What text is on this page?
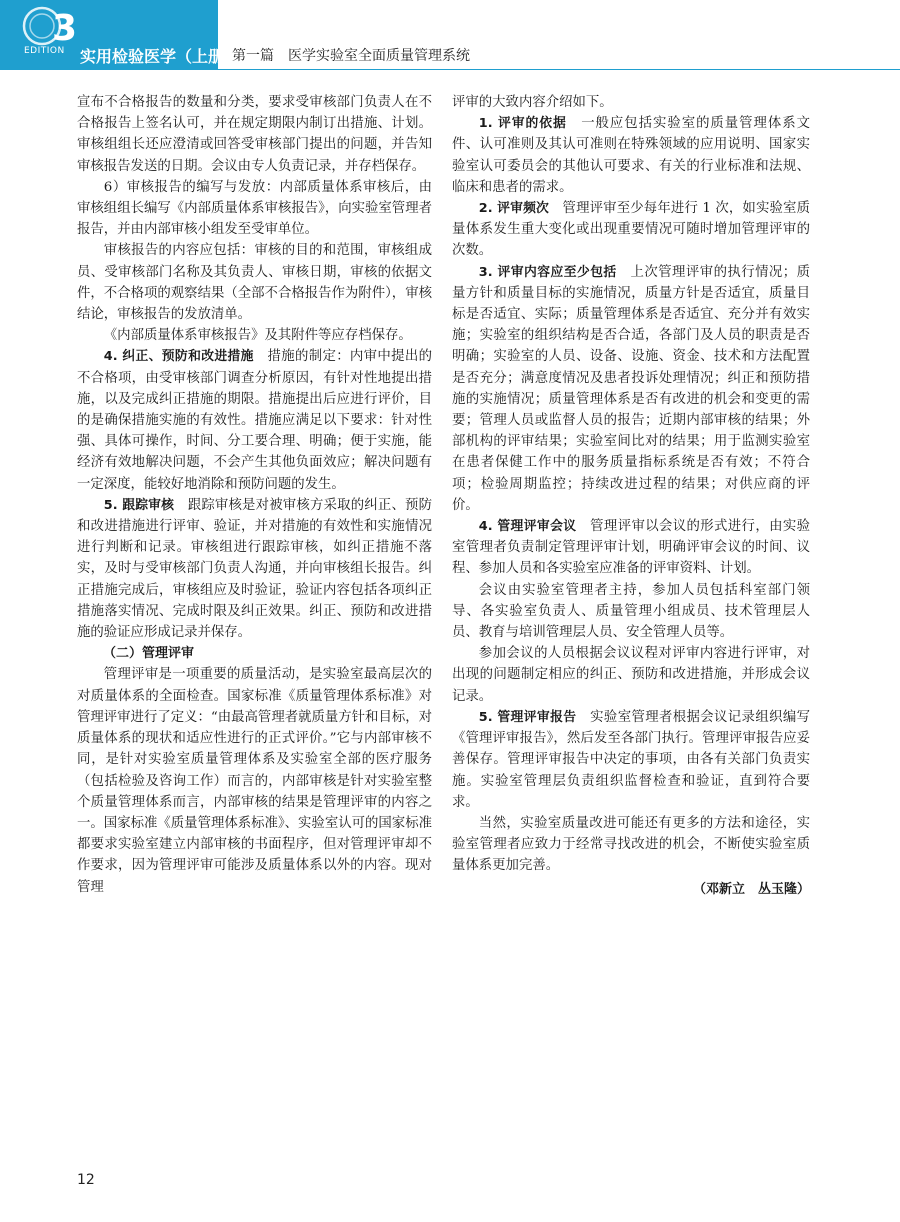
3
EDITION 实用检验医学（上册）
第一篇　医学实验室全面质量管理系统

宣布不合格报告的数量和分类，要求受审核部门负责人在不合格报告上签名认可，并在规定期限内制订出措施、计划。审核组组长还应澄清或回答受审核部门提出的问题，并告知审核报告发送的日期。会议由专人负责记录，并存档保存。

6）审核报告的编写与发放：内部质量体系审核后，由审核组组长编写《内部质量体系审核报告》，向实验室管理者报告，并由内部审核小组发至受审单位。

审核报告的内容应包括：审核的目的和范围，审核组成员、受审核部门名称及其负责人、审核日期，审核的依据文件，不合格项的观察结果（全部不合格报告作为附件），审核结论，审核报告的发放清单。

《内部质量体系审核报告》及其附件等应存档保存。

4. 纠正、预防和改进措施　措施的制定：内审中提出的不合格项，由受审核部门调查分析原因，有针对性地提出措施，以及完成纠正措施的期限。措施提出后应进行评价，目的是确保措施实施的有效性。措施应满足以下要求：针对性强、具体可操作，时间、分工要合理、明确；便于实施，能经济有效地解决问题，不会产生其他负面效应；解决问题有一定深度，能较好地消除和预防问题的发生。

5. 跟踪审核　跟踪审核是对被审核方采取的纠正、预防和改进措施进行评审、验证，并对措施的有效性和实施情况进行判断和记录。审核组进行跟踪审核，如纠正措施不落实，及时与受审核部门负责人沟通，并向审核组长报告。纠正措施完成后，审核组应及时验证，验证内容包括各项纠正措施落实情况、完成时限及纠正效果。纠正、预防和改进措施的验证应形成记录并保存。

（二）管理评审

管理评审是一项重要的质量活动，是实验室最高层次的对质量体系的全面检查。国家标准《质量管理体系标准》对管理评审进行了定义：“由最高管理者就质量方针和目标，对质量体系的现状和适应性进行的正式评价。”它与内部审核不同，是针对实验室质量管理体系及实验室全部的医疗服务（包括检验及咨询工作）而言的，内部审核是针对实验室整个质量管理体系而言，内部审核的结果是管理评审的内容之一。国家标准《质量管理体系标准》、实验室认可的国家标准都要求实验室建立内部审核的书面程序，但对管理评审却不作要求，因为管理评审可能涉及质量体系以外的内容。现对管理

评审的大致内容介绍如下。

1. 评审的依据　一般应包括实验室的质量管理体系文件、认可准则及其认可准则在特殊领域的应用说明、国家实验室认可委员会的其他认可要求、有关的行业标准和法规、临床和患者的需求。

2. 评审频次　管理评审至少每年进行 1 次，如实验室质量体系发生重大变化或出现重要情况可随时增加管理评审的次数。

3. 评审内容应至少包括　上次管理评审的执行情况；质量方针和质量目标的实施情况，质量方针是否适宜，质量目标是否适宜、实际；质量管理体系是否适宜、充分并有效实施；实验室的组织结构是否合适，各部门及人员的职责是否明确；实验室的人员、设备、设施、资金、技术和方法配置是否充分；满意度情况及患者投诉处理情况；纠正和预防措施的实施情况；质量管理体系是否有改进的机会和变更的需要；管理人员或监督人员的报告；近期内部审核的结果；外部机构的评审结果；实验室间比对的结果；用于监测实验室在患者保健工作中的服务质量指标系统是否有效；不符合项；检验周期监控；持续改进过程的结果；对供应商的评价。

4. 管理评审会议　管理评审以会议的形式进行，由实验室管理者负责制定管理评审计划，明确评审会议的时间、议程、参加人员和各实验室应准备的评审资料、计划。

会议由实验室管理者主持，参加人员包括科室部门领导、各实验室负责人、质量管理小组成员、技术管理层人员、教育与培训管理层人员、安全管理人员等。

参加会议的人员根据会议议程对评审内容进行评审，对出现的问题制定相应的纠正、预防和改进措施，并形成会议记录。

5. 管理评审报告　实验室管理者根据会议记录组织编写《管理评审报告》，然后发至各部门执行。管理评审报告应妥善保存。管理评审报告中决定的事项，由各有关部门负责实施。实验室管理层负责组织监督检查和验证，直到符合要求。

当然，实验室质量改进可能还有更多的方法和途径，实验室管理者应致力于经常寻找改进的机会，不断使实验室质量体系更加完善。

（邓新立　丛玉隆）
12
